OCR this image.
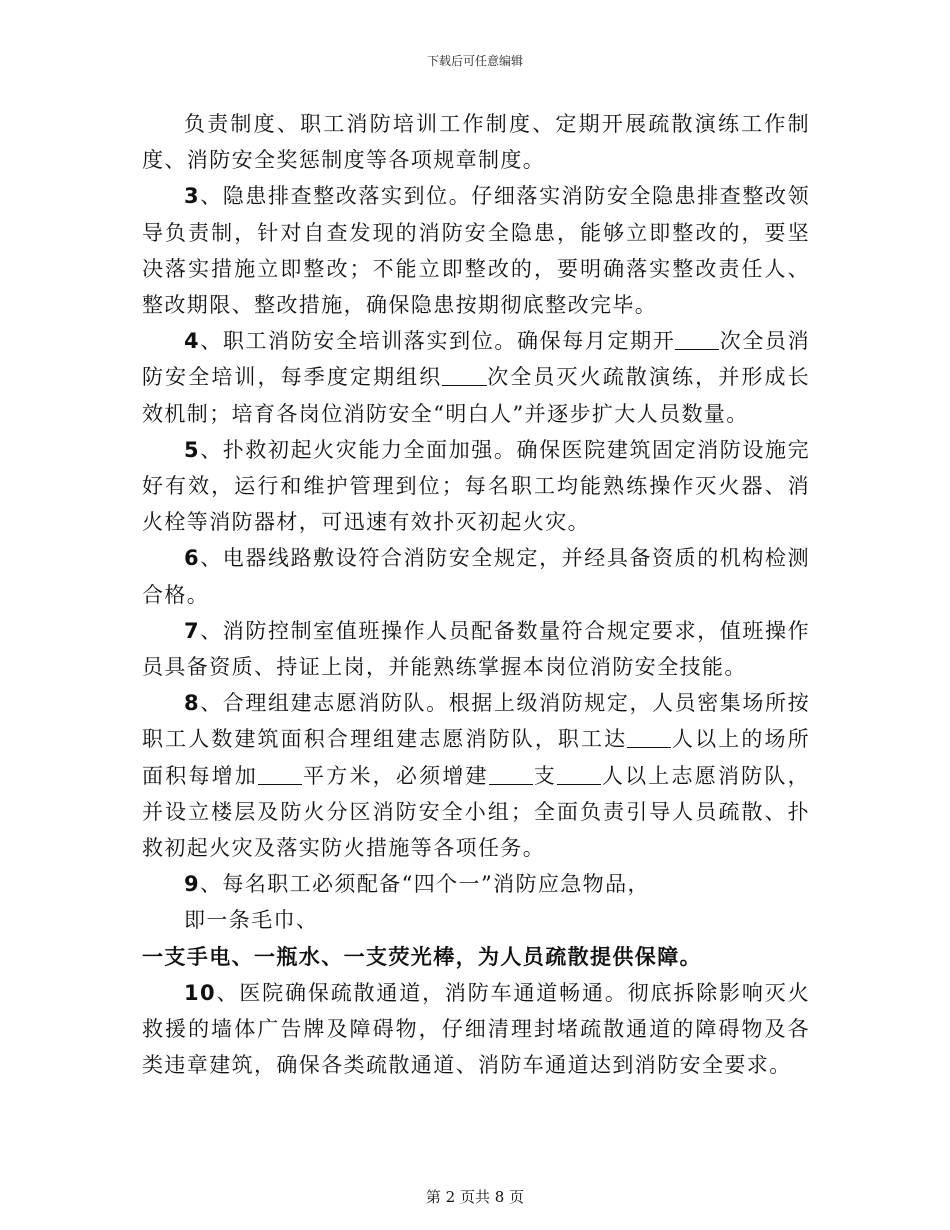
下载后可任意编辑

负责制度、职工消防培训工作制度、定期开展疏散演练工作制度、消防安全奖惩制度等各项规章制度。

3、隐患排查整改落实到位。仔细落实消防安全隐患排查整改领导负责制，针对自查发现的消防安全隐患，能够立即整改的，要坚决落实措施立即整改；不能立即整改的，要明确落实整改责任人、整改期限、整改措施，确保隐患按期彻底整改完毕。

4、职工消防安全培训落实到位。确保每月定期开 次全员消防安全培训，每季度定期组织 次全员灭火疏散演练，并形成长效机制；培育各岗位消防安全“明白人”并逐步扩大人员数量。

5、扑救初起火灾能力全面加强。确保医院建筑固定消防设施完好有效，运行和维护管理到位；每名职工均能熟练操作灭火器、消火栓等消防器材，可迅速有效扑灭初起火灾。

6、电器线路敷设符合消防安全规定，并经具备资质的机构检测合格。

7、消防控制室值班操作人员配备数量符合规定要求，值班操作员具备资质、持证上岗，并能熟练掌握本岗位消防安全技能。

8、合理组建志愿消防队。根据上级消防规定，人员密集场所按职工人数建筑面积合理组建志愿消防队，职工达 人以上的场所面积每增加 平方米，必须增建 支 人以上志愿消防队，并设立楼层及防火分区消防安全小组；全面负责引导人员疏散、扑救初起火灾及落实防火措施等各项任务。

9、每名职工必须配备“四个一”消防应急物品，

即一条毛巾、

一支手电、一瓶水、一支荧光棒，为人员疏散提供保障。

10、医院确保疏散通道，消防车通道畅通。彻底拆除影响灭火救援的墙体广告牌及障碍物，仔细清理封堵疏散通道的障碍物及各类违章建筑，确保各类疏散通道、消防车通道达到消防安全要求。

第 2 页共 8 页
